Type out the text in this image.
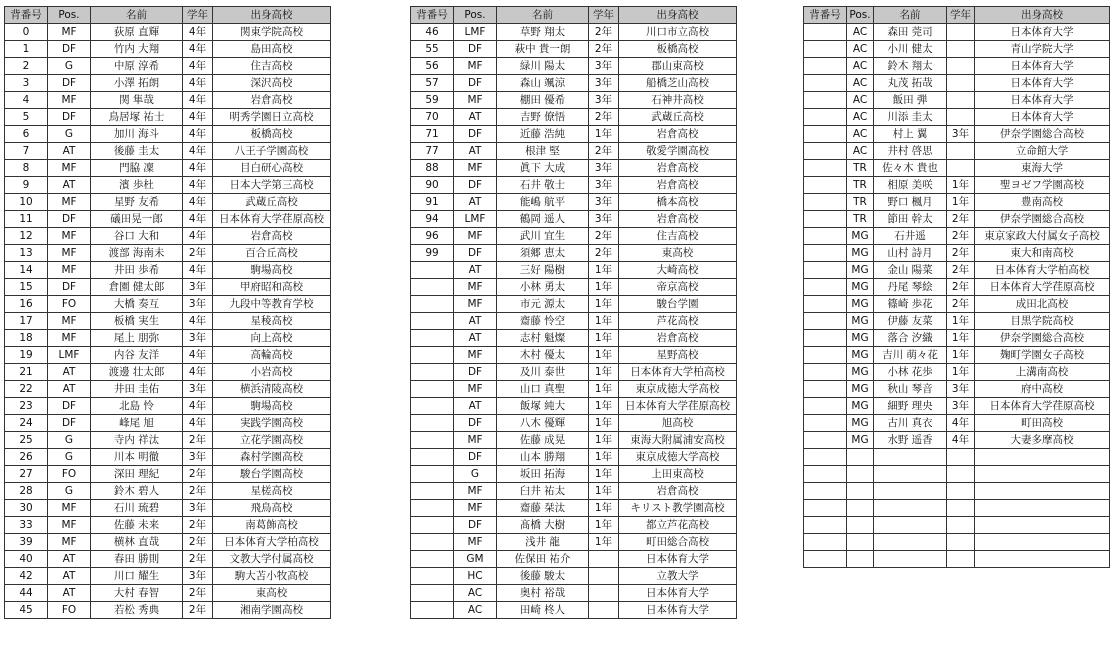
背番号	Pos.	名前	学年	出身高校
0	MF	荻原 直輝	4年	関東学院高校
1	DF	竹内 大翔	4年	島田高校
2	G	中原 淳希	4年	住吉高校
3	DF	小澤 拓朗	4年	深沢高校
4	MF	関 隼哉	4年	岩倉高校
5	DF	鳥居塚 祐士	4年	明秀学園日立高校
6	G	加川 海斗	4年	板橋高校
7	AT	後藤 圭太	4年	八王子学園高校
8	MF	門脇 凜	4年	目白研心高校
9	AT	濱 歩杜	4年	日本大学第三高校
10	MF	星野 友希	4年	武蔵丘高校
11	DF	礒田晃一郎	4年	日本体育大学荏原高校
12	MF	谷口 大和	4年	岩倉高校
13	MF	渡部 海南未	2年	百合丘高校
14	MF	井田 歩希	4年	駒場高校
15	DF	倉園 健太郎	3年	甲府昭和高校
16	FO	大橋 奏互	3年	九段中等教育学校
17	MF	板橋 実生	4年	星稜高校
18	MF	尾上 朋弥	3年	向上高校
19	LMF	内谷 友洋	4年	高輪高校
21	AT	渡邊 壮太郎	4年	小岩高校
22	AT	井田 圭佑	3年	横浜清陵高校
23	DF	北島 怜	4年	駒場高校
24	DF	峰尾 旭	4年	実践学園高校
25	G	寺内 祥汰	2年	立花学園高校
26	G	川本 明徹	3年	森村学園高校
27	FO	深田 理紀	2年	駿台学園高校
28	G	鈴木 碧人	2年	星槎高校
30	MF	石川 琉碧	3年	飛鳥高校
33	MF	佐藤 未来	2年	南葛飾高校
39	MF	横林 直哉	2年	日本体育大学柏高校
40	AT	春田 勝則	2年	文教大学付属高校
42	AT	川口 耀生	3年	駒大苫小牧高校
44	AT	大村 春智	2年	東高校
45	FO	若松 秀典	2年	湘南学園高校
背番号	Pos.	名前	学年	出身高校
46	LMF	草野 翔太	2年	川口市立高校
55	DF	萩中 貴一朗	2年	板橋高校
56	MF	緑川 陽太	3年	郡山東高校
57	DF	森山 颯涼	3年	船橋芝山高校
59	MF	棚田 優希	3年	石神井高校
70	AT	吉野 僚悟	2年	武蔵丘高校
71	DF	近藤 浩純	1年	岩倉高校
77	AT	根津 堅	2年	敬愛学園高校
88	MF	眞下 大成	3年	岩倉高校
90	DF	石井 敬士	3年	岩倉高校
91	AT	能嶋 航平	3年	橋本高校
94	LMF	鶴岡 遥人	3年	岩倉高校
96	MF	武川 宜生	2年	住吉高校
99	DF	須郷 恵太	2年	東高校
	AT	三好 陽樹	1年	大崎高校
	MF	小林 勇太	1年	帝京高校
	MF	市元 源太	1年	駿台学園
	AT	齋藤 怜空	1年	芦花高校
	AT	志村 魁燦	1年	岩倉高校
	MF	木村 優太	1年	星野高校
	DF	及川 泰世	1年	日本体育大学柏高校
	MF	山口 真聖	1年	東京成徳大学高校
	AT	飯塚 純大	1年	日本体育大学荏原高校
	DF	八木 優輝	1年	旭高校
	MF	佐藤 成晃	1年	東海大附属浦安高校
	DF	山本 勝翔	1年	東京成徳大学高校
	G	坂田 拓海	1年	上田東高校
	MF	臼井 祐太	1年	岩倉高校
	MF	齋藤 栞汰	1年	キリスト教学園高校
	DF	髙橋 大樹	1年	都立芦花高校
	MF	浅井 龍	1年	町田総合高校
	GM	佐保田 祐介		日本体育大学
	HC	後藤 駿太		立教大学
	AC	奥村 裕哉		日本体育大学
	AC	田崎 柊人		日本体育大学
背番号	Pos.	名前	学年	出身高校
	AC	森田 莞司		日本体育大学
	AC	小川 健太		青山学院大学
	AC	鈴木 翔太		日本体育大学
	AC	丸茂 拓哉		日本体育大学
	AC	飯田 弾		日本体育大学
	AC	川添 圭太		日本体育大学
	AC	村上 翼	3年	伊奈学園総合高校
	AC	井村 啓思		立命館大学
	TR	佐々木 貴也		東海大学
	TR	相原 美咲	1年	聖ヨゼフ学園高校
	TR	野口 楓月	1年	豊南高校
	TR	節田 幹太	2年	伊奈学園総合高校
	MG	石井遥	2年	東京家政大付属女子高校
	MG	山村 詩月	2年	東大和南高校
	MG	金山 陽菜	2年	日本体育大学柏高校
	MG	丹尾 琴絵	2年	日本体育大学荏原高校
	MG	篠崎 歩花	2年	成田北高校
	MG	伊藤 友菜	1年	目黒学院高校
	MG	落合 汐織	1年	伊奈学園総合高校
	MG	吉川 萌々花	1年	麹町学園女子高校
	MG	小林 花歩	1年	上溝南高校
	MG	秋山 琴音	3年	府中高校
	MG	細野 理央	3年	日本体育大学荏原高校
	MG	古川 真衣	4年	町田高校
	MG	水野 遥香	4年	大妻多摩高校
